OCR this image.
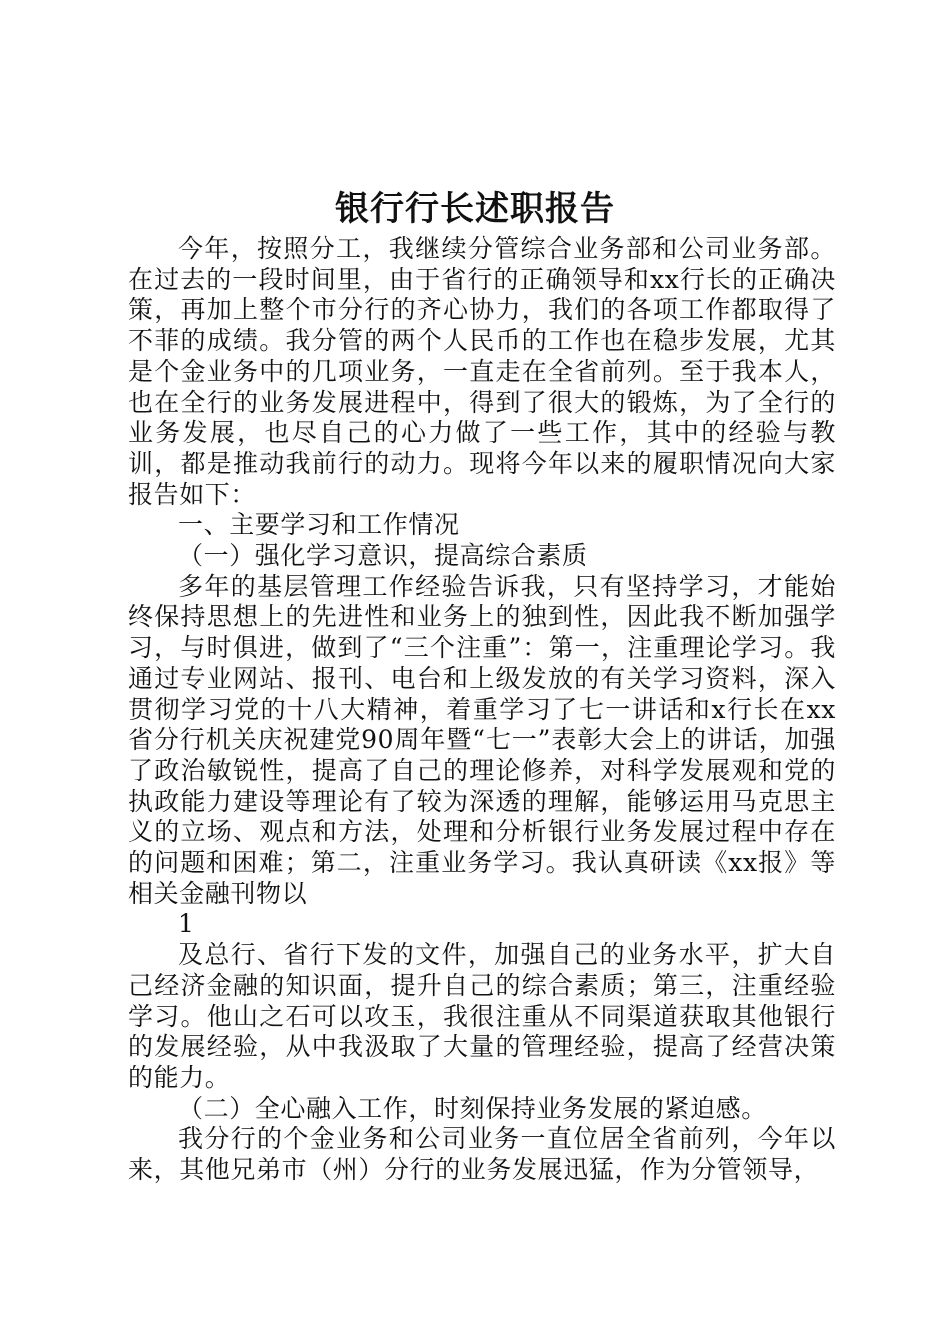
银行行长述职报告

今年，按照分工，我继续分管综合业务部和公司业务部。在过去的一段时间里，由于省行的正确领导和xx行长的正确决策，再加上整个市分行的齐心协力，我们的各项工作都取得了不菲的成绩。我分管的两个人民币的工作也在稳步发展，尤其是个金业务中的几项业务，一直走在全省前列。至于我本人，也在全行的业务发展进程中，得到了很大的锻炼，为了全行的业务发展，也尽自己的心力做了一些工作，其中的经验与教训，都是推动我前行的动力。现将今年以来的履职情况向大家报告如下：

一、主要学习和工作情况

（一）强化学习意识，提高综合素质

多年的基层管理工作经验告诉我，只有坚持学习，才能始终保持思想上的先进性和业务上的独到性，因此我不断加强学习，与时俱进，做到了“三个注重”：第一，注重理论学习。我通过专业网站、报刊、电台和上级发放的有关学习资料，深入贯彻学习党的十八大精神，着重学习了七一讲话和x行长在xx省分行机关庆祝建党90周年暨“七一”表彰大会上的讲话，加强了政治敏锐性，提高了自己的理论修养，对科学发展观和党的执政能力建设等理论有了较为深透的理解，能够运用马克思主义的立场、观点和方法，处理和分析银行业务发展过程中存在的问题和困难；第二，注重业务学习。我认真研读《xx报》等相关金融刊物以

1

及总行、省行下发的文件，加强自己的业务水平，扩大自己经济金融的知识面，提升自己的综合素质；第三，注重经验学习。他山之石可以攻玉，我很注重从不同渠道获取其他银行的发展经验，从中我汲取了大量的管理经验，提高了经营决策的能力。

（二）全心融入工作，时刻保持业务发展的紧迫感。

我分行的个金业务和公司业务一直位居全省前列，今年以来，其他兄弟市（州）分行的业务发展迅猛，作为分管领导，
